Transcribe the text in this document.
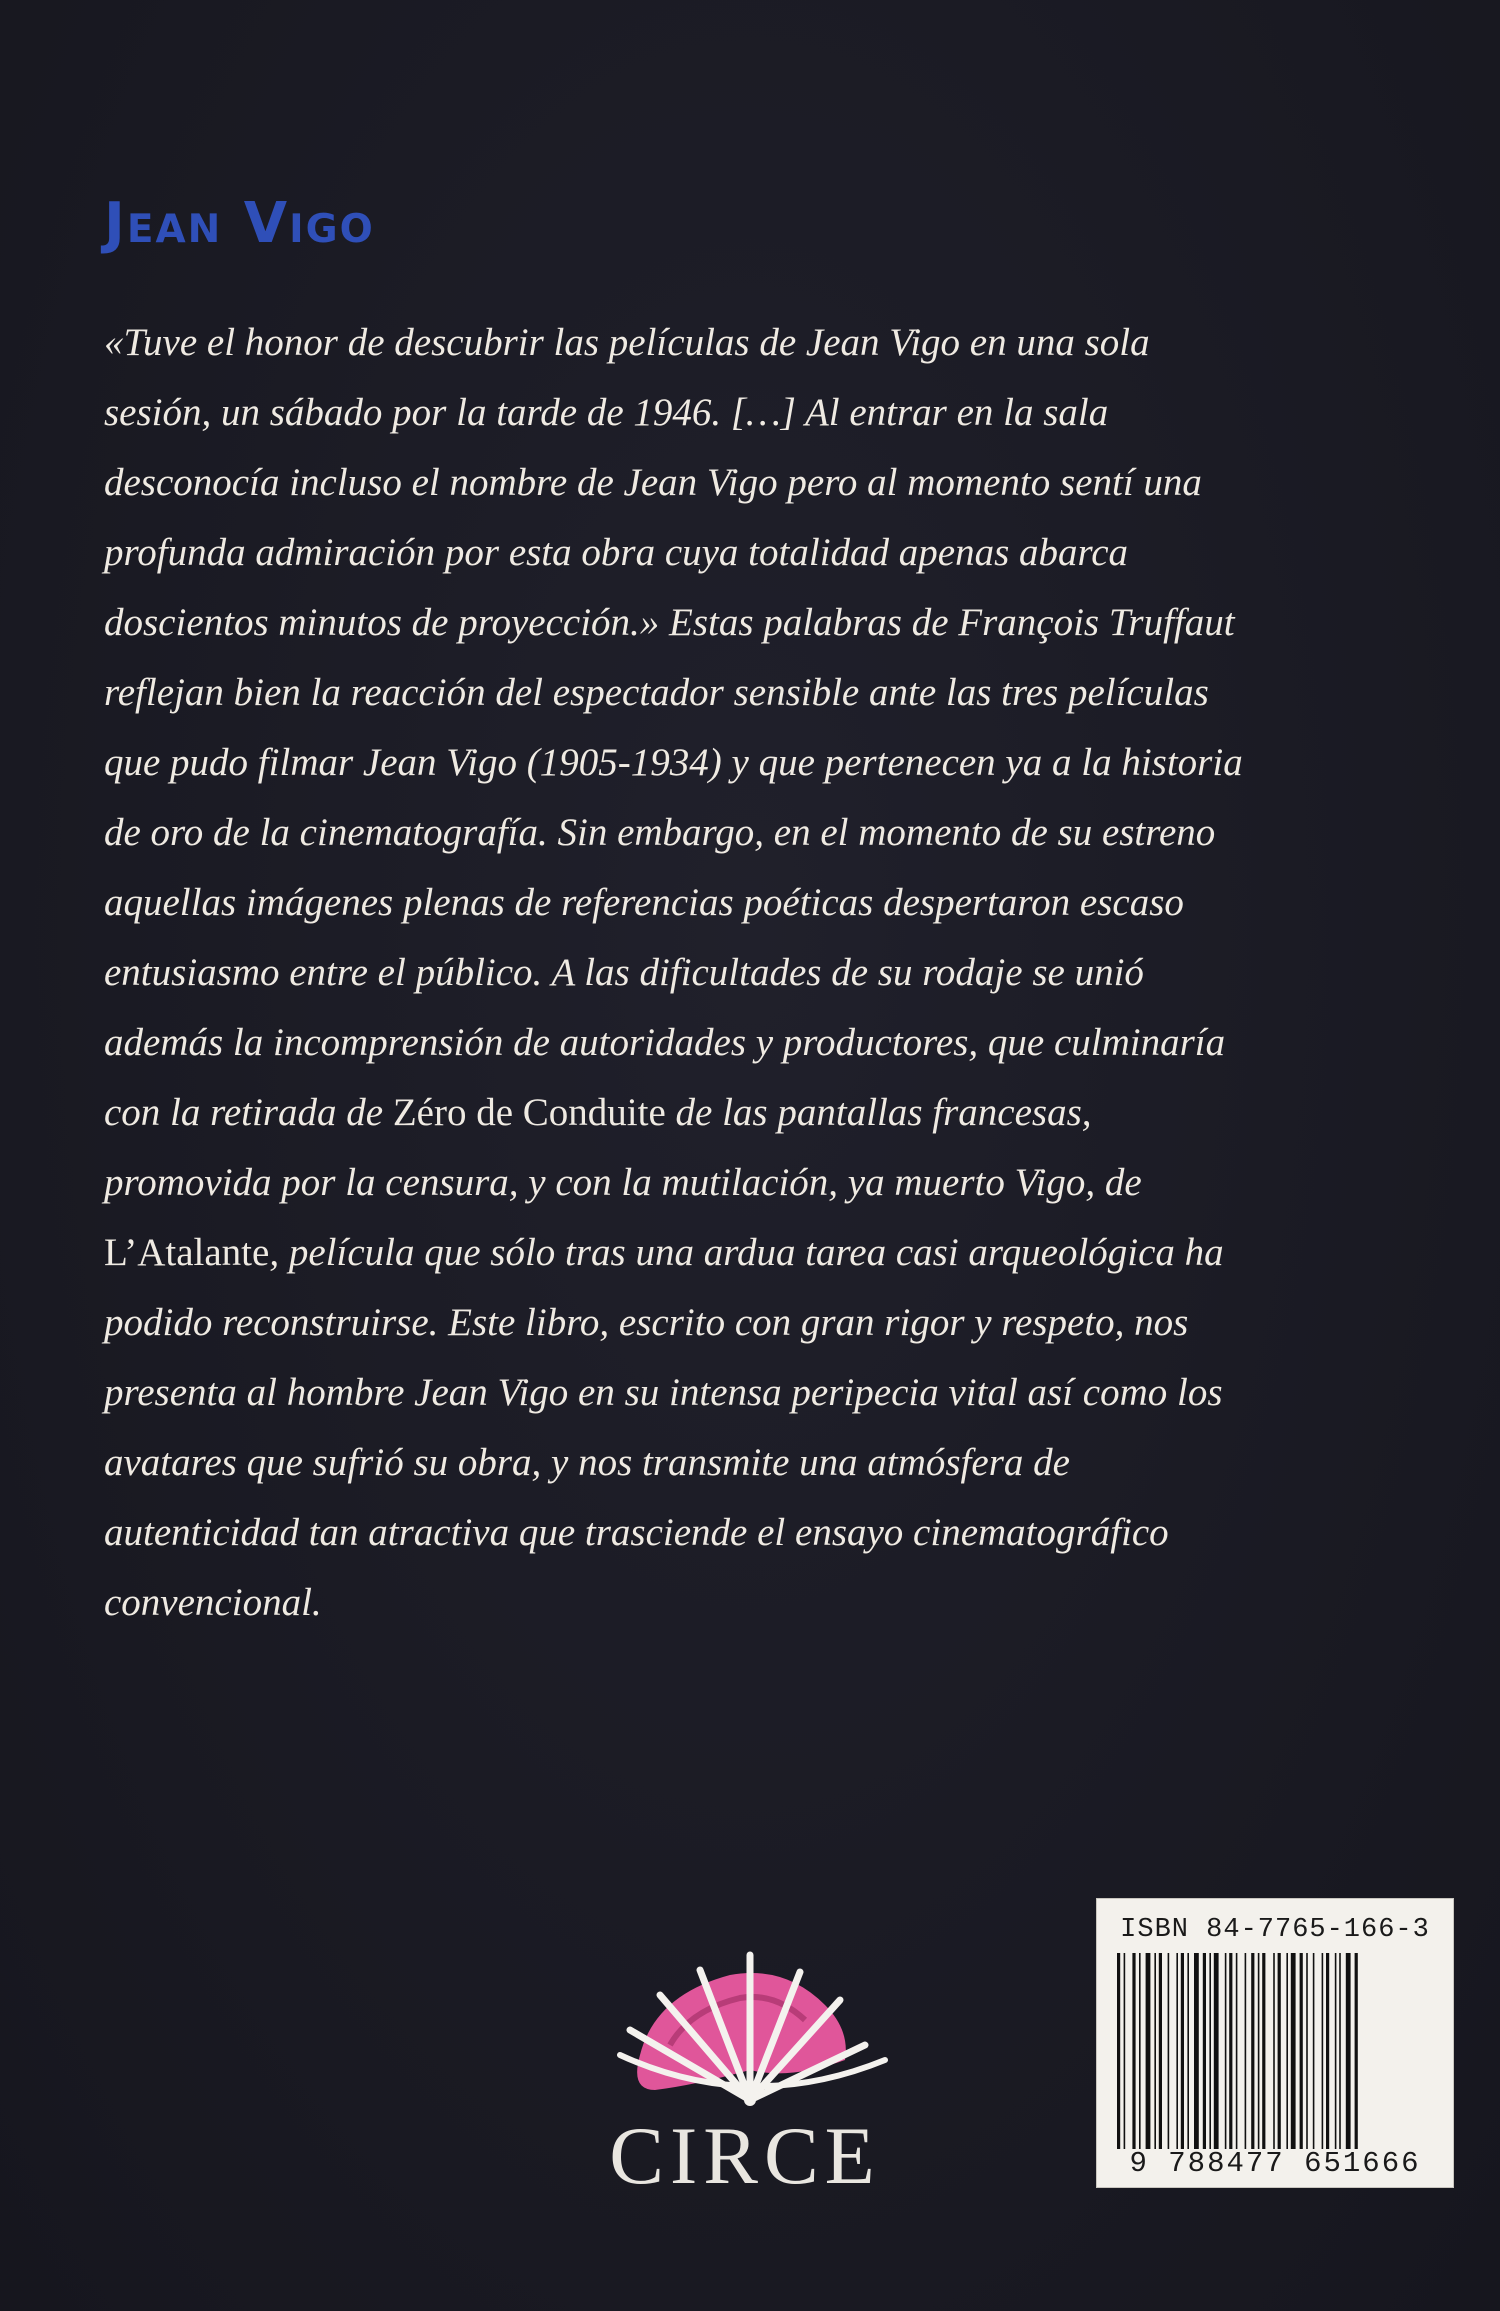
Jean Vigo
«Tuve el honor de descubrir las películas de Jean Vigo en una sola
sesión, un sábado por la tarde de 1946. […] Al entrar en la sala
desconocía incluso el nombre de Jean Vigo pero al momento sentí una
profunda admiración por esta obra cuya totalidad apenas abarca
doscientos minutos de proyección.» Estas palabras de François Truffaut
reflejan bien la reacción del espectador sensible ante las tres películas
que pudo filmar Jean Vigo (1905-1934) y que pertenecen ya a la historia
de oro de la cinematografía. Sin embargo, en el momento de su estreno
aquellas imágenes plenas de referencias poéticas despertaron escaso
entusiasmo entre el público. A las dificultades de su rodaje se unió
además la incomprensión de autoridades y productores, que culminaría
con la retirada de Zéro de Conduite de las pantallas francesas,
promovida por la censura, y con la mutilación, ya muerto Vigo, de
L’Atalante, película que sólo tras una ardua tarea casi arqueológica ha
podido reconstruirse. Este libro, escrito con gran rigor y respeto, nos
presenta al hombre Jean Vigo en su intensa peripecia vital así como los
avatares que sufrió su obra, y nos transmite una atmósfera de
autenticidad tan atractiva que trasciende el ensayo cinematográfico
convencional.
CIRCE
ISBN 84-7765-166-3
9 788477 651666
